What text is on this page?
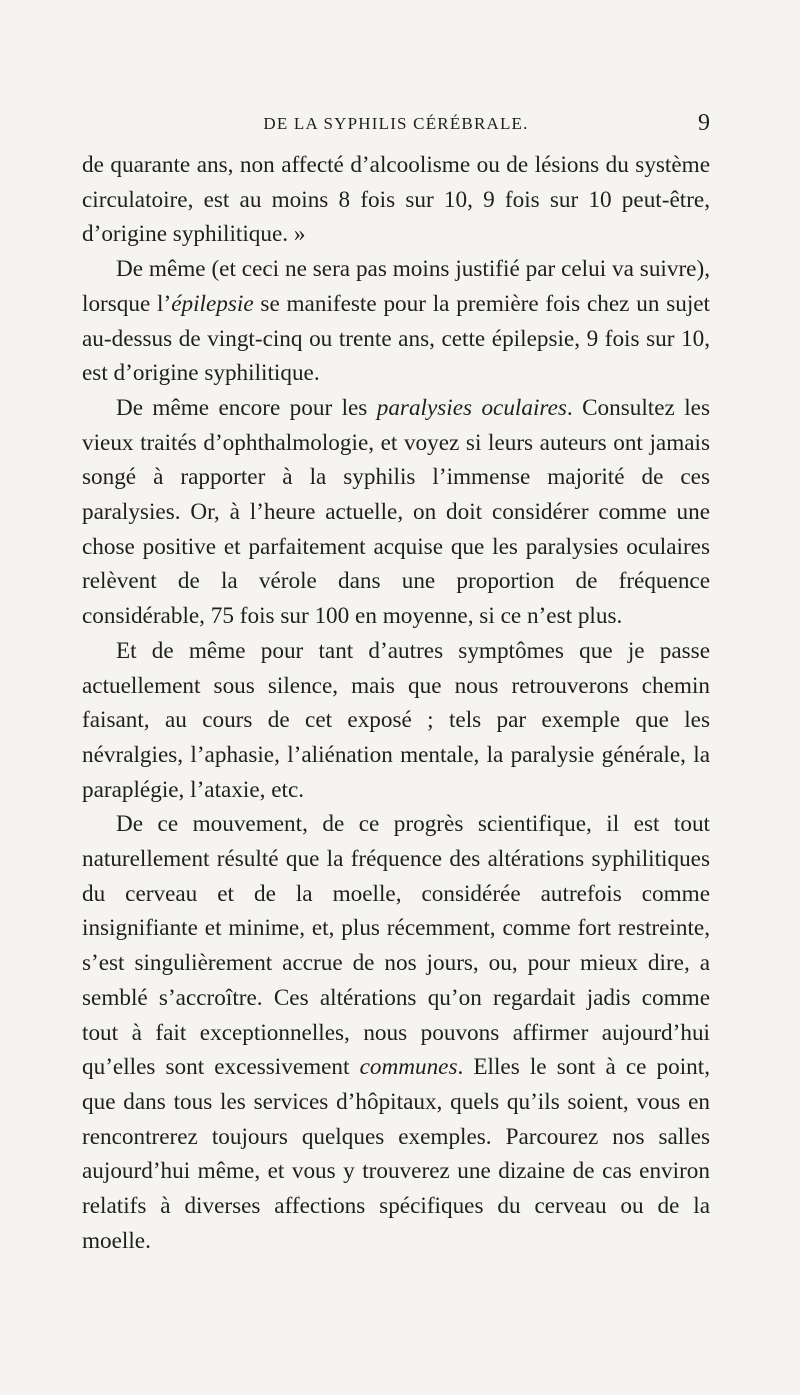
DE LA SYPHILIS CÉRÉBRALE.	9

de quarante ans, non affecté d’alcoolisme ou de lésions du système circulatoire, est au moins 8 fois sur 10, 9 fois sur 10 peut-être, d’origine syphilitique. »

De même (et ceci ne sera pas moins justifié par celui va suivre), lorsque l’épilepsie se manifeste pour la première fois chez un sujet au-dessus de vingt-cinq ou trente ans, cette épilepsie, 9 fois sur 10, est d’origine syphilitique.

De même encore pour les paralysies oculaires. Consultez les vieux traités d’ophthalmologie, et voyez si leurs auteurs ont jamais songé à rapporter à la syphilis l’immense majorité de ces paralysies. Or, à l’heure actuelle, on doit considérer comme une chose positive et parfaitement acquise que les paralysies oculaires relèvent de la vérole dans une proportion de fréquence considérable, 75 fois sur 100 en moyenne, si ce n’est plus.

Et de même pour tant d’autres symptômes que je passe actuellement sous silence, mais que nous retrouverons chemin faisant, au cours de cet exposé ; tels par exemple que les névralgies, l’aphasie, l’aliénation mentale, la paralysie générale, la paraplégie, l’ataxie, etc.

De ce mouvement, de ce progrès scientifique, il est tout naturellement résulté que la fréquence des altérations syphilitiques du cerveau et de la moelle, considérée autrefois comme insignifiante et minime, et, plus récemment, comme fort restreinte, s’est singulièrement accrue de nos jours, ou, pour mieux dire, a semblé s’accroître. Ces altérations qu’on regardait jadis comme tout à fait exceptionnelles, nous pouvons affirmer aujourd’hui qu’elles sont excessivement communes. Elles le sont à ce point, que dans tous les services d’hôpitaux, quels qu’ils soient, vous en rencontrerez toujours quelques exemples. Parcourez nos salles aujourd’hui même, et vous y trouverez une dizaine de cas environ relatifs à diverses affections spécifiques du cerveau ou de la moelle.
